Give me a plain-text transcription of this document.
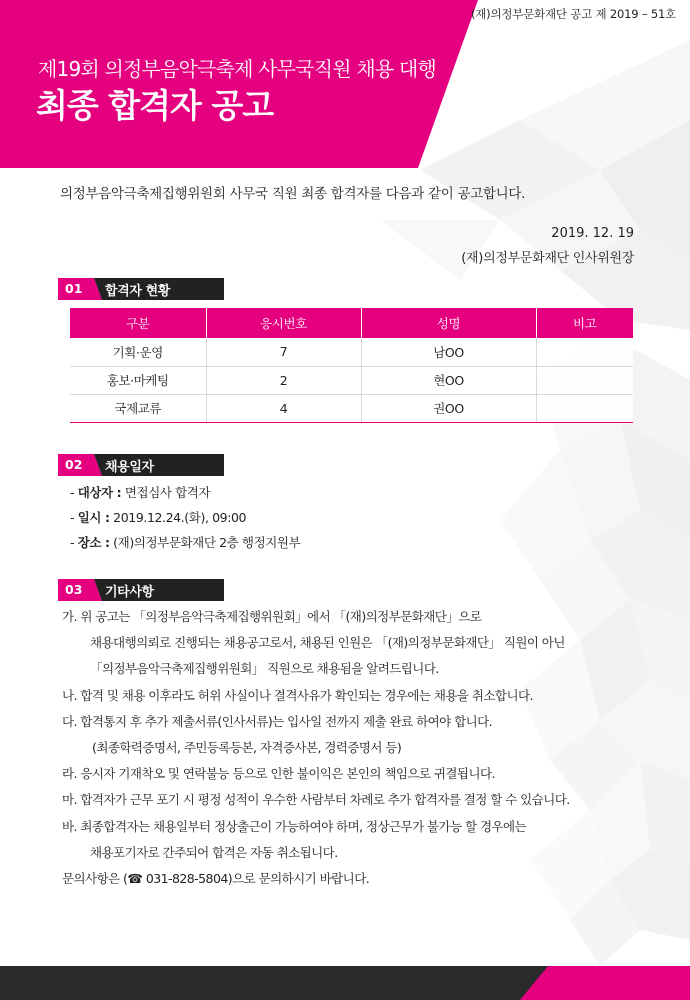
(재)의정부문화재단 공고 제 2019 – 51호
제19회 의정부음악극축제 사무국직원 채용 대행
최종 합격자 공고
의정부음악극축제집행위원회 사무국 직원 최종 합격자를 다음과 같이 공고합니다.
2019. 12. 19
(재)의정부문화재단 인사위원장
01 합격자 현황
구분	응시번호	성명	비고
기획·운영	7	남OO	
홍보·마케팅	2	현OO	
국제교류	4	권OO	
02 채용일자
- 대상자 : 면접심사 합격자
- 일시 : 2019.12.24.(화), 09:00
- 장소 : (재)의정부문화재단 2층 행정지원부
03 기타사항
가. 위 공고는 「의정부음악극축제집행위원회」에서 「(재)의정부문화재단」으로
채용대행의뢰로 진행되는 채용공고로서, 채용된 인원은 「(재)의정부문화재단」 직원이 아닌
「의정부음악극축제집행위원회」 직원으로 채용됨을 알려드립니다.
나. 합격 및 채용 이후라도 허위 사실이나 결격사유가 확인되는 경우에는 채용을 취소합니다.
다. 합격통지 후 추가 제출서류(인사서류)는 입사일 전까지 제출 완료 하여야 합니다.
(최종학력증명서, 주민등록등본, 자격증사본, 경력증명서 등)
라. 응시자 기재착오 및 연락불능 등으로 인한 불이익은 본인의 책임으로 귀결됩니다.
마. 합격자가 근무 포기 시 평정 성적이 우수한 사람부터 차례로 추가 합격자를 결정 할 수 있습니다.
바. 최종합격자는 채용일부터 정상출근이 가능하여야 하며, 정상근무가 불가능 할 경우에는
채용포기자로 간주되어 합격은 자동 취소됩니다.
문의사항은 (☎ 031-828-5804)으로 문의하시기 바랍니다.
